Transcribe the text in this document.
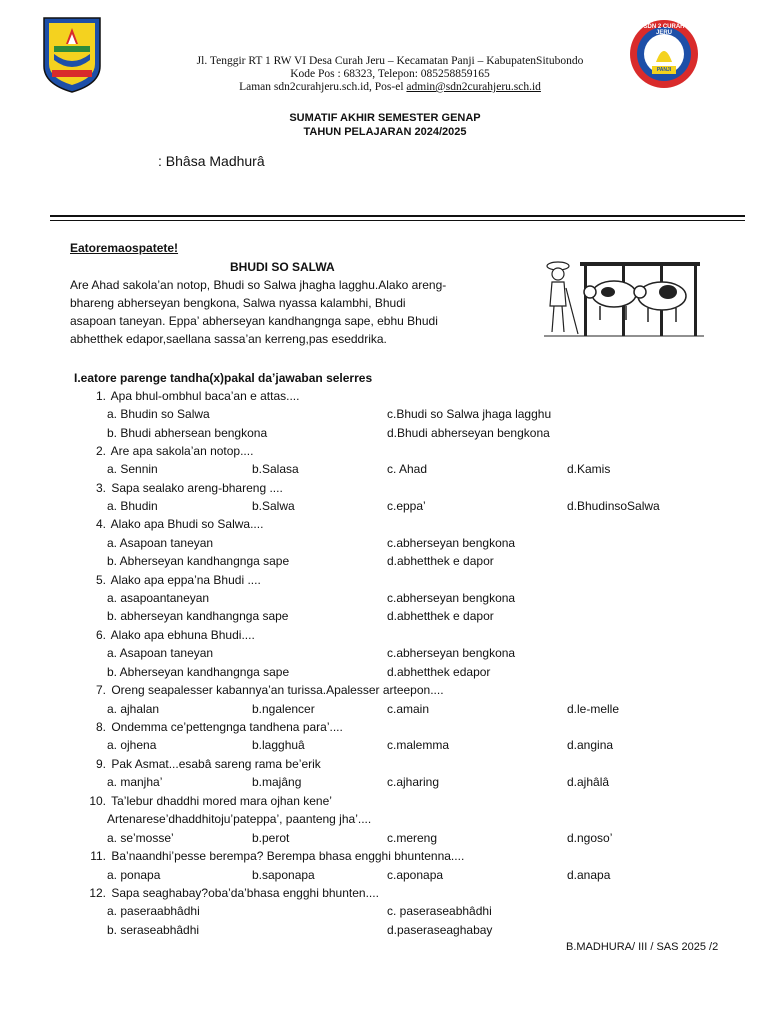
SDN 2 CURAH JERU
PANJI
Jl. Tenggir RT 1 RW VI Desa Curah Jeru – Kecamatan Panji – KabupatenSitubondo
Kode Pos : 68323, Telepon: 085258859165
Laman sdn2curahjeru.sch.id, Pos-el admin@sdn2curahjeru.sch.id
SUMATIF AKHIR SEMESTER GENAP
TAHUN PELAJARAN 2024/2025
: Bhâsa Madhurâ
Eatoremaospatete!
BHUDI SO SALWA
Are Ahad sakola’an notop, Bhudi so Salwa jhagha lagghu.Alako areng-
bhareng abherseyan bengkona, Salwa nyassa kalambhi, Bhudi
asapoan taneyan. Eppa’ abherseyan kandhangnga sape, ebhu Bhudi
abhetthek edapor,saellana sassa’an kerreng,pas eseddrika.
I.eatore parenge tandha(x)pakal da’jawaban selerres
1. Apa bhul-ombhul baca’an e attas....
a. Bhudin so Salwa	c.Bhudi so Salwa jhaga lagghu
b. Bhudi abhersean bengkona	d.Bhudi abherseyan bengkona
2. Are apa sakola’an notop....
a. Sennin	b.Salasa	c. Ahad	d.Kamis
3. Sapa sealako areng-bhareng ....
a. Bhudin	b.Salwa	c.eppa’	d.BhudinsoSalwa
4. Alako apa Bhudi so Salwa....
a. Asapoan taneyan	c.abherseyan bengkona
b. Abherseyan kandhangnga sape	d.abhetthek e dapor
5. Alako apa eppa’na Bhudi ....
a. asapoantaneyan	c.abherseyan bengkona
b. abherseyan kandhangnga sape	d.abhetthek e dapor
6. Alako apa ebhuna Bhudi....
a. Asapoan taneyan	c.abherseyan bengkona
b. Abherseyan kandhangnga sape	d.abhetthek edapor
7. Oreng seapalesser kabannya’an turissa.Apalesser arteepon....
a. ajhalan	b.ngalencer	c.amain	d.le-melle
8. Ondemma ce’pettengnga tandhena para’....
a. ojhena	b.lagghuâ	c.malemma	d.angina
9. Pak Asmat...esabâ sareng rama be’erik
a. manjha’	b.majâng	c.ajharing	d.ajhâlâ
10. Ta’lebur dhaddhi mored mara ojhan kene’
Artenarese’dhaddhitoju’pateppa’, paanteng jha’....
a. se’mosse’	b.perot	c.mereng	d.ngoso’
11. Ba’naandhi’pesse berempa? Berempa bhasa engghi bhuntenna....
a. ponapa	b.saponapa	c.aponapa	d.anapa
12. Sapa seaghabay?oba’da’bhasa engghi bhunten....
a. paseraabhâdhi	c. paseraseabhâdhi
b. seraseabhâdhi	d.paseraseaghabay
B.MADHURA/ III / SAS 2025 /2
